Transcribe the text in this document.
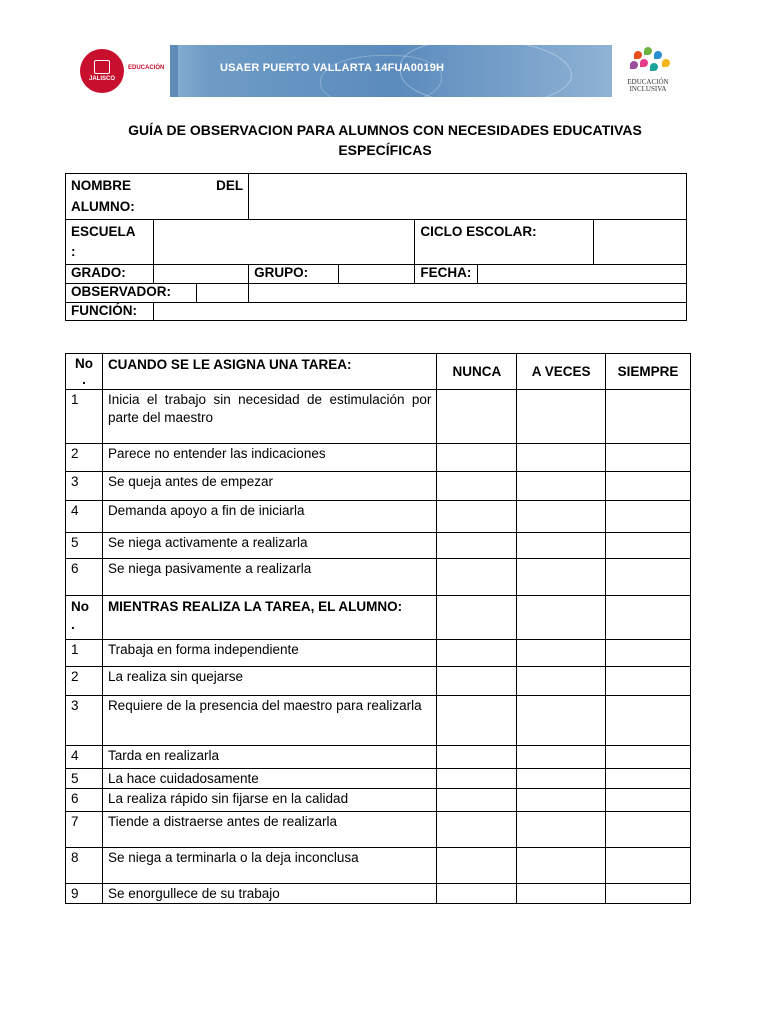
JALISCO
EDUCACIÓN	USAER PUERTO VALLARTA 14FUA0019H
EDUCACIÓN
INCLUSIVA
GUÍA DE OBSERVACION PARA ALUMNOS CON NECESIDADES EDUCATIVAS
ESPECÍFICAS
NOMBRE DEL
ALUMNO:						

ESCUELA
:				CICLO ESCOLAR:		
GRADO:		GRUPO:		FECHA:		

OBSERVADOR:						

FUNCIÓN:						
No
.	CUANDO SE LE ASIGNA UNA TAREA:	NUNCA	A VECES	SIEMPRE
1	Inicia el trabajo sin necesidad de estimulación por parte del maestro			
2	Parece no entender las indicaciones			
3	Se queja antes de empezar			
4	Demanda apoyo a fin de iniciarla			
5	Se niega activamente a realizarla			
6	Se niega pasivamente a realizarla			

No
.	MIENTRAS REALIZA LA TAREA, EL ALUMNO:			
1	Trabaja en forma independiente			
2	La realiza sin quejarse			
3	Requiere de la presencia del maestro para realizarla			
4	Tarda en realizarla			
5	La hace cuidadosamente			
6	La realiza rápido sin fijarse en la calidad			
7	Tiende a distraerse antes de realizarla			
8	Se niega a terminarla o la deja inconclusa			
9	Se enorgullece de su trabajo			
